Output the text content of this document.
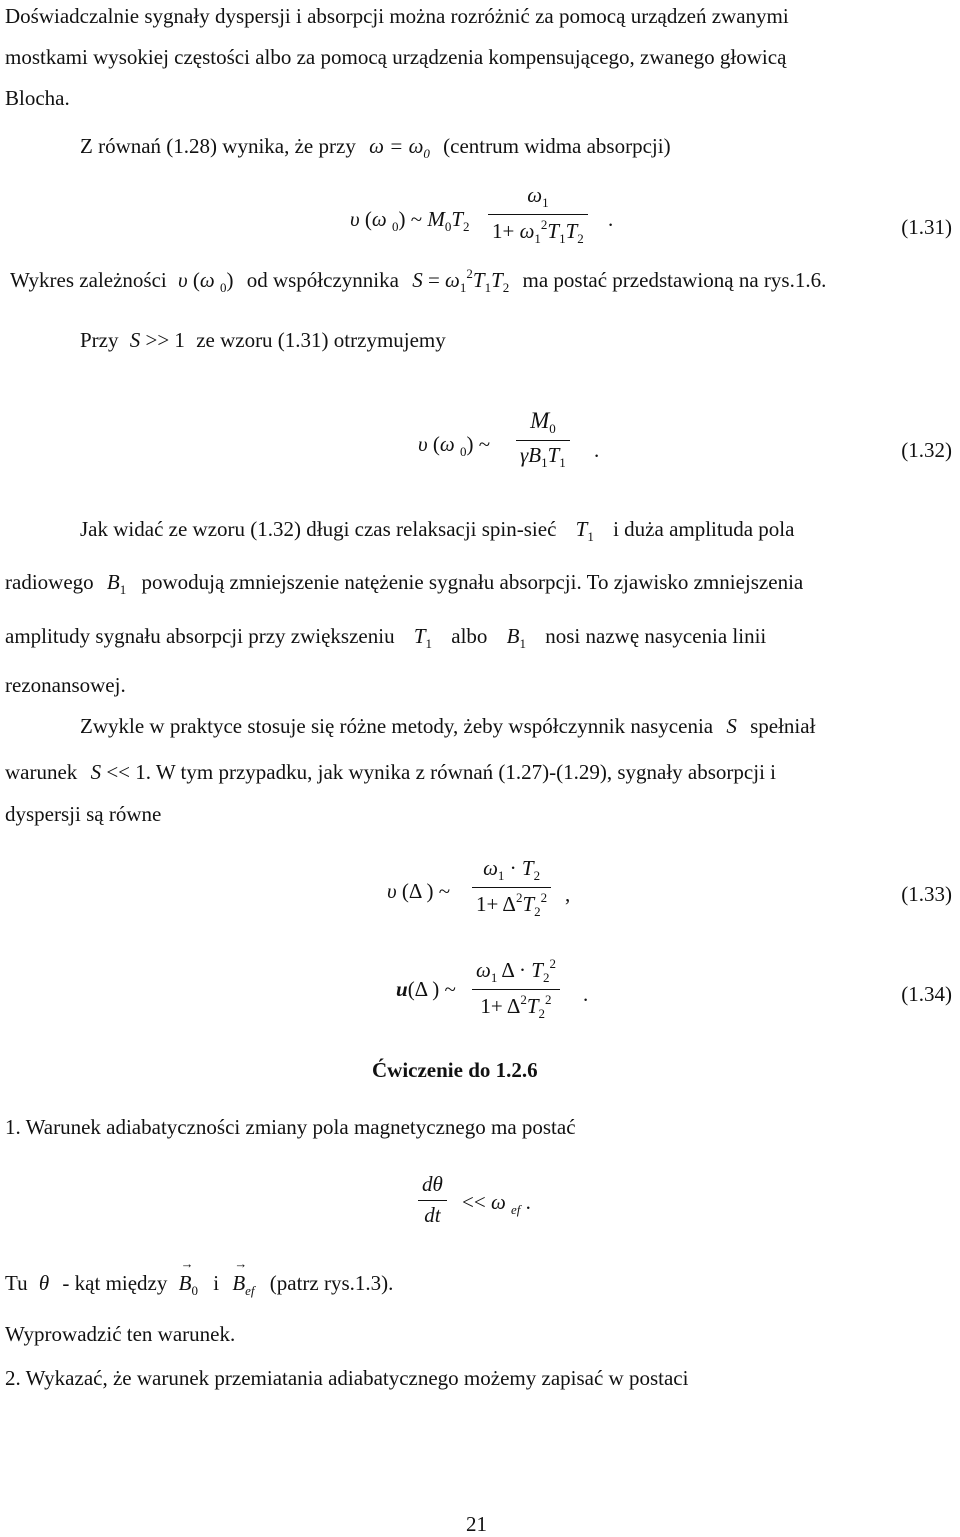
Doświadczalnie sygnały dyspersji i absorpcji można rozróżnić za pomocą urządzeń zwanymi
mostkami wysokiej częstości albo za pomocą urządzenia kompensującego, zwanego głowicą
Blocha.
Z równań (1.28) wynika, że przy $\omega = \omega_0$ (centrum widma absorpcji)
υ (ω $_0$) ~ $M_0T_2$
$\omega_1$
$1+ \omega_1^2T_1T_2$
.	(1.31)
Wykres zależności υ (ω $_0$) od współczynnika $S = \omega_1^2T_1T_2$ ma postać przedstawioną na rys.1.6.
Przy S >> 1 ze wzoru (1.31) otrzymujemy
υ (ω $_0$) ~
$M_0$
$\gamma B_1T_1$
.	(1.32)
Jak widać ze wzoru (1.32) długi czas relaksacji spin-sieć $T_1$ i duża amplituda pola
radiowego $B_1$ powodują zmniejszenie natężenie sygnału absorpcji. To zjawisko zmniejszenia
amplitudy sygnału absorpcji przy zwiększeniu $T_1$ albo $B_1$ nosi nazwę nasycenia linii
rezonansowej.
Zwykle w praktyce stosuje się różne metody, żeby współczynnik nasycenia S spełniał
warunek S << 1. W tym przypadku, jak wynika z równań (1.27)-(1.29), sygnały absorpcji i
dyspersji są równe
υ (Δ ) ~
$\omega_1 \cdot T_2$
$1+ \Delta^2T_2^2$ ,	(1.33)
u(Δ ) ~
$\omega_1$ $\Delta \cdot T_2^2$
$1+ \Delta^2T_2^2$ .	(1.34)
Ćwiczenie do 1.2.6
1. Warunek adiabatyczności zmiany pola magnetycznego ma postać
dθ
dt
<< ω $_{ef}$ .
Tu θ - kąt między → $B_0$ $i \to B_{ef}$ (patrz rys.1.3).
Wyprowadzić ten warunek.
2. Wykazać, że warunek przemiatania adiabatycznego możemy zapisać w postaci
21
